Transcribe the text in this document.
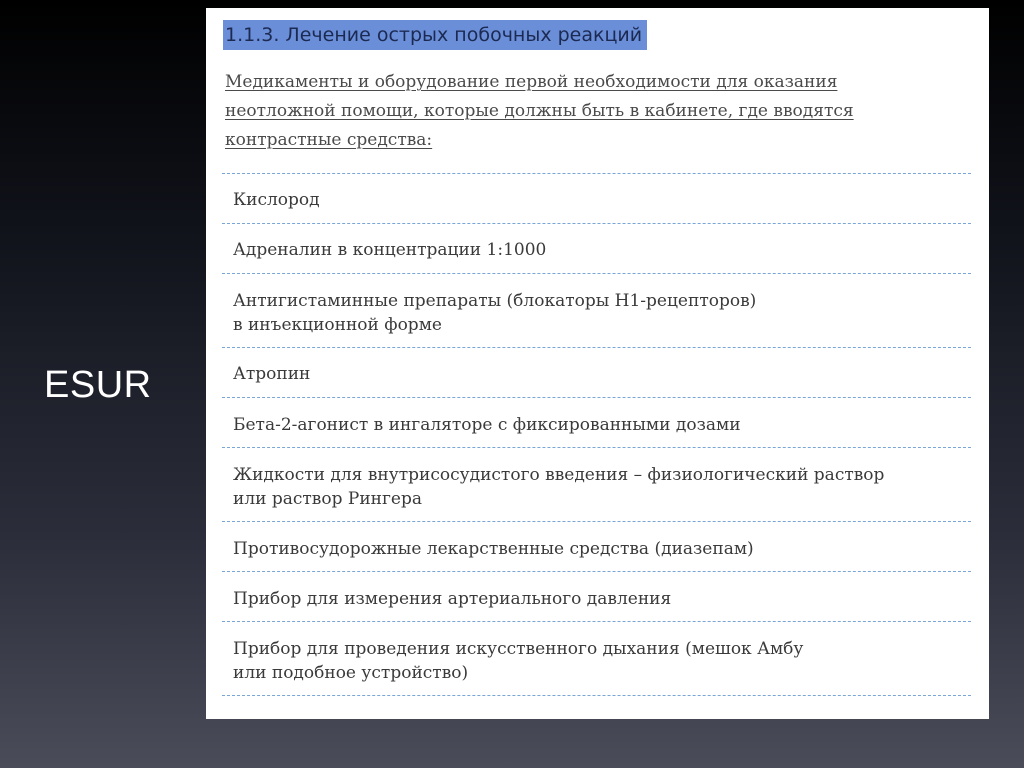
ESUR
1.1.3. Лечение острых побочных реакций
Медикаменты и оборудование первой необходимости для оказания
неотложной помощи, которые должны быть в кабинете, где вводятся
контрастные средства:
Кислород
Адреналин в концентрации 1:1000
Антигистаминные препараты (блокаторы H1-рецепторов)
в инъекционной форме
Атропин
Бета-2-агонист в ингаляторе с фиксированными дозами
Жидкости для внутрисосудистого введения – физиологический раствор
или раствор Рингера
Противосудорожные лекарственные средства (диазепам)
Прибор для измерения артериального давления
Прибор для проведения искусственного дыхания (мешок Амбу
или подобное устройство)
